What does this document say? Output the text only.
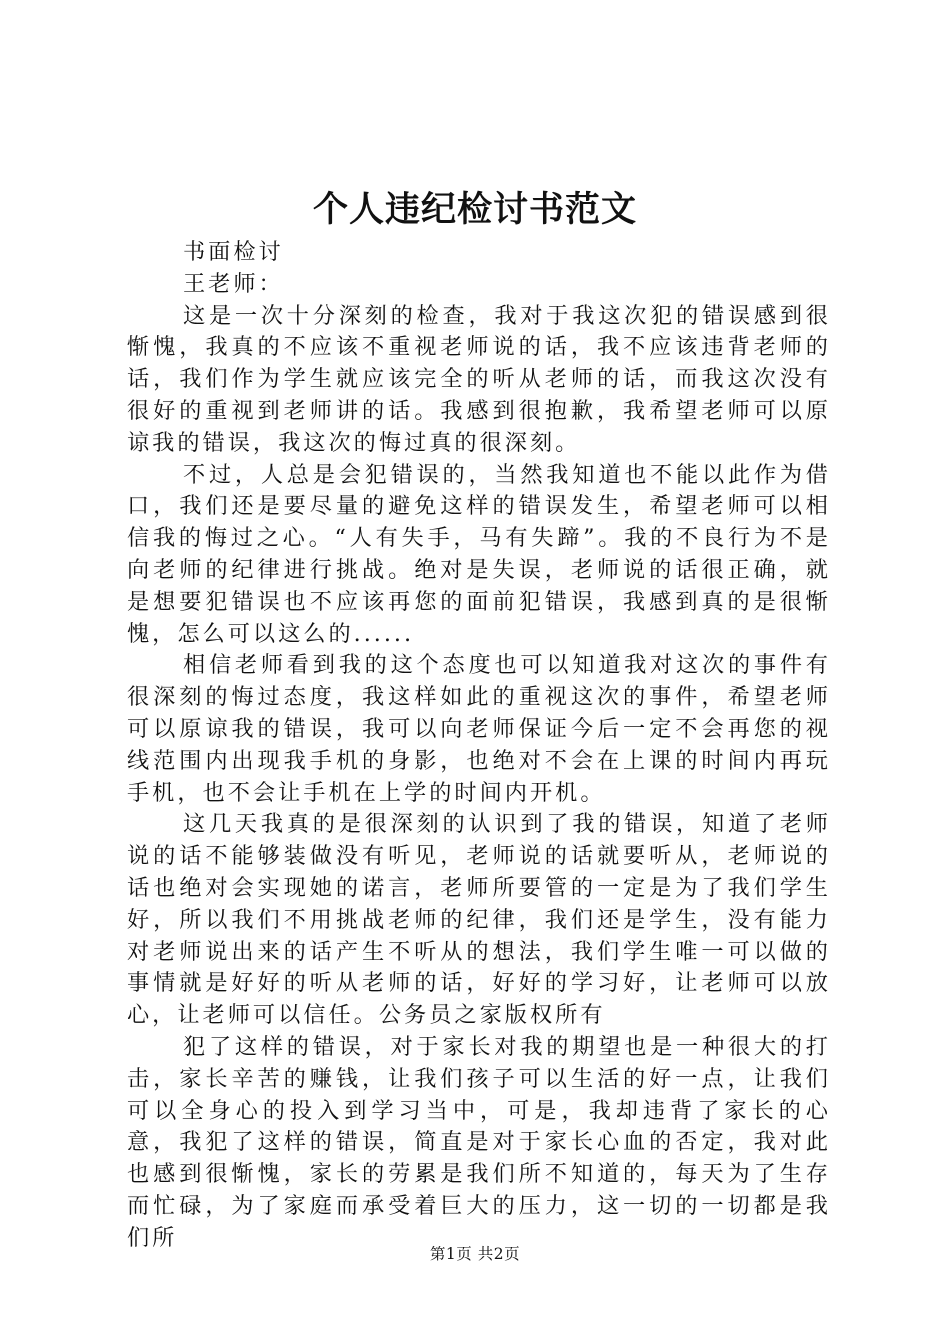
个人违纪检讨书范文

书面检讨

王老师：

这是一次十分深刻的检查，我对于我这次犯的错误感到很惭愧，我真的不应该不重视老师说的话，我不应该违背老师的话，我们作为学生就应该完全的听从老师的话，而我这次没有很好的重视到老师讲的话。我感到很抱歉，我希望老师可以原谅我的错误，我这次的悔过真的很深刻。

不过，人总是会犯错误的，当然我知道也不能以此作为借口，我们还是要尽量的避免这样的错误发生，希望老师可以相信我的悔过之心。“人有失手，马有失蹄”。我的不良行为不是向老师的纪律进行挑战。绝对是失误，老师说的话很正确，就是想要犯错误也不应该再您的面前犯错误，我感到真的是很惭愧，怎么可以这么的......

相信老师看到我的这个态度也可以知道我对这次的事件有很深刻的悔过态度，我这样如此的重视这次的事件，希望老师可以原谅我的错误，我可以向老师保证今后一定不会再您的视线范围内出现我手机的身影，也绝对不会在上课的时间内再玩手机，也不会让手机在上学的时间内开机。

这几天我真的是很深刻的认识到了我的错误，知道了老师说的话不能够装做没有听见，老师说的话就要听从，老师说的话也绝对会实现她的诺言，老师所要管的一定是为了我们学生好，所以我们不用挑战老师的纪律，我们还是学生，没有能力对老师说出来的话产生不听从的想法，我们学生唯一可以做的事情就是好好的听从老师的话，好好的学习好，让老师可以放心，让老师可以信任。公务员之家版权所有

犯了这样的错误，对于家长对我的期望也是一种很大的打击，家长辛苦的赚钱，让我们孩子可以生活的好一点，让我们可以全身心的投入到学习当中，可是，我却违背了家长的心意，我犯了这样的错误，简直是对于家长心血的否定，我对此也感到很惭愧，家长的劳累是我们所不知道的，每天为了生存而忙碌，为了家庭而承受着巨大的压力，这一切的一切都是我们所

第1页 共2页
